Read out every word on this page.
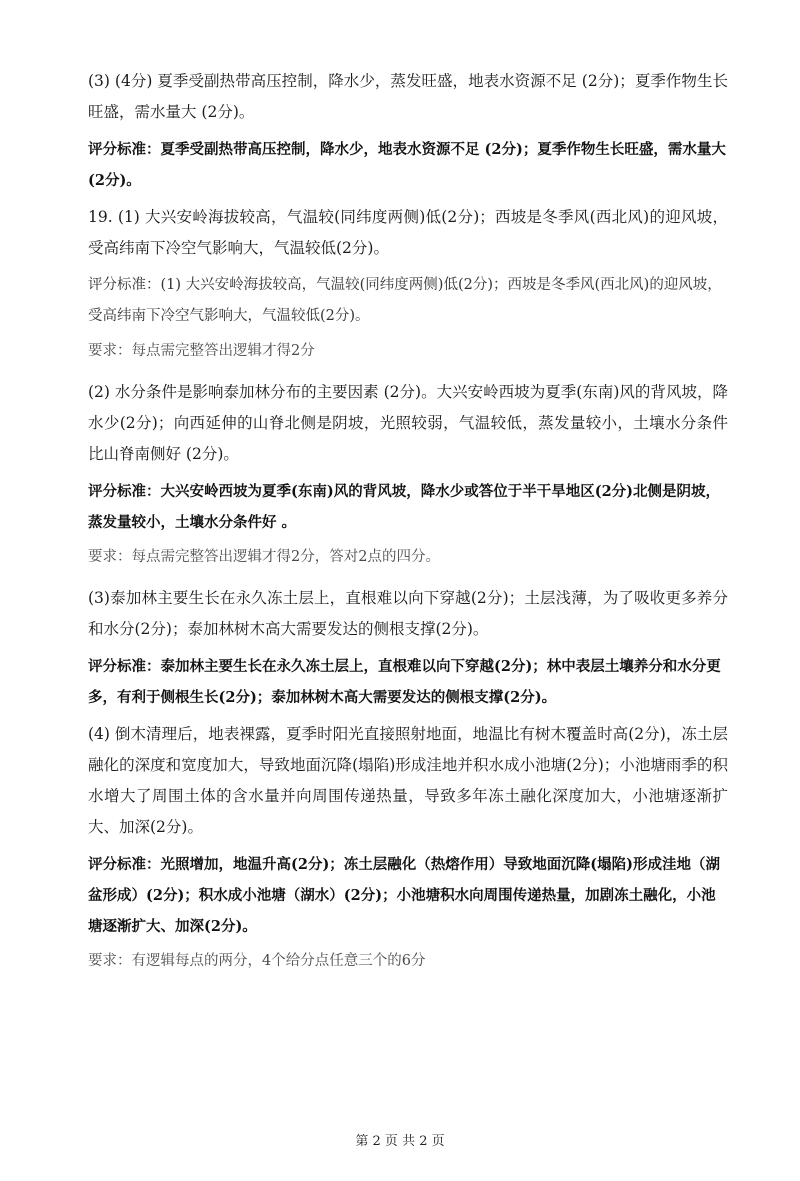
(3) (4分) 夏季受副热带高压控制，降水少，蒸发旺盛，地表水资源不足 (2分)；夏季作物生长旺盛，需水量大 (2分)。

评分标准：夏季受副热带高压控制，降水少，地表水资源不足 (2分)；夏季作物生长旺盛，需水量大 (2分)。

19. (1) 大兴安岭海拔较高，气温较(同纬度两侧)低(2分)；西坡是冬季风(西北风)的迎风坡，受高纬南下冷空气影响大，气温较低(2分)。

评分标准：(1) 大兴安岭海拔较高，气温较(同纬度两侧)低(2分)；西坡是冬季风(西北风)的迎风坡，受高纬南下冷空气影响大，气温较低(2分)。

要求：每点需完整答出逻辑才得2分

(2) 水分条件是影响泰加林分布的主要因素 (2分)。大兴安岭西坡为夏季(东南)风的背风坡，降水少(2分)；向西延伸的山脊北侧是阴坡，光照较弱，气温较低，蒸发量较小，土壤水分条件比山脊南侧好 (2分)。

评分标准：大兴安岭西坡为夏季(东南)风的背风坡，降水少或答位于半干旱地区(2分)北侧是阴坡，蒸发量较小，土壤水分条件好 。

要求：每点需完整答出逻辑才得2分，答对2点的四分。

(3)泰加林主要生长在永久冻土层上，直根难以向下穿越(2分)；土层浅薄，为了吸收更多养分和水分(2分)；泰加林树木高大需要发达的侧根支撑(2分)。

评分标准：泰加林主要生长在永久冻土层上，直根难以向下穿越(2分)；林中表层土壤养分和水分更多，有利于侧根生长(2分)；泰加林树木高大需要发达的侧根支撑(2分)。

(4) 倒木清理后，地表裸露，夏季时阳光直接照射地面，地温比有树木覆盖时高(2分)，冻土层融化的深度和宽度加大，导致地面沉降(塌陷)形成洼地并积水成小池塘(2分)；小池塘雨季的积水增大了周围土体的含水量并向周围传递热量，导致多年冻土融化深度加大，小池塘逐渐扩大、加深(2分)。

评分标准：光照增加，地温升高(2分)；冻土层融化（热熔作用）导致地面沉降(塌陷)形成洼地（湖盆形成）(2分)；积水成小池塘（湖水）(2分)；小池塘积水向周围传递热量，加剧冻土融化，小池塘逐渐扩大、加深(2分)。

要求：有逻辑每点的两分，4个给分点任意三个的6分

第 2 页 共 2 页
